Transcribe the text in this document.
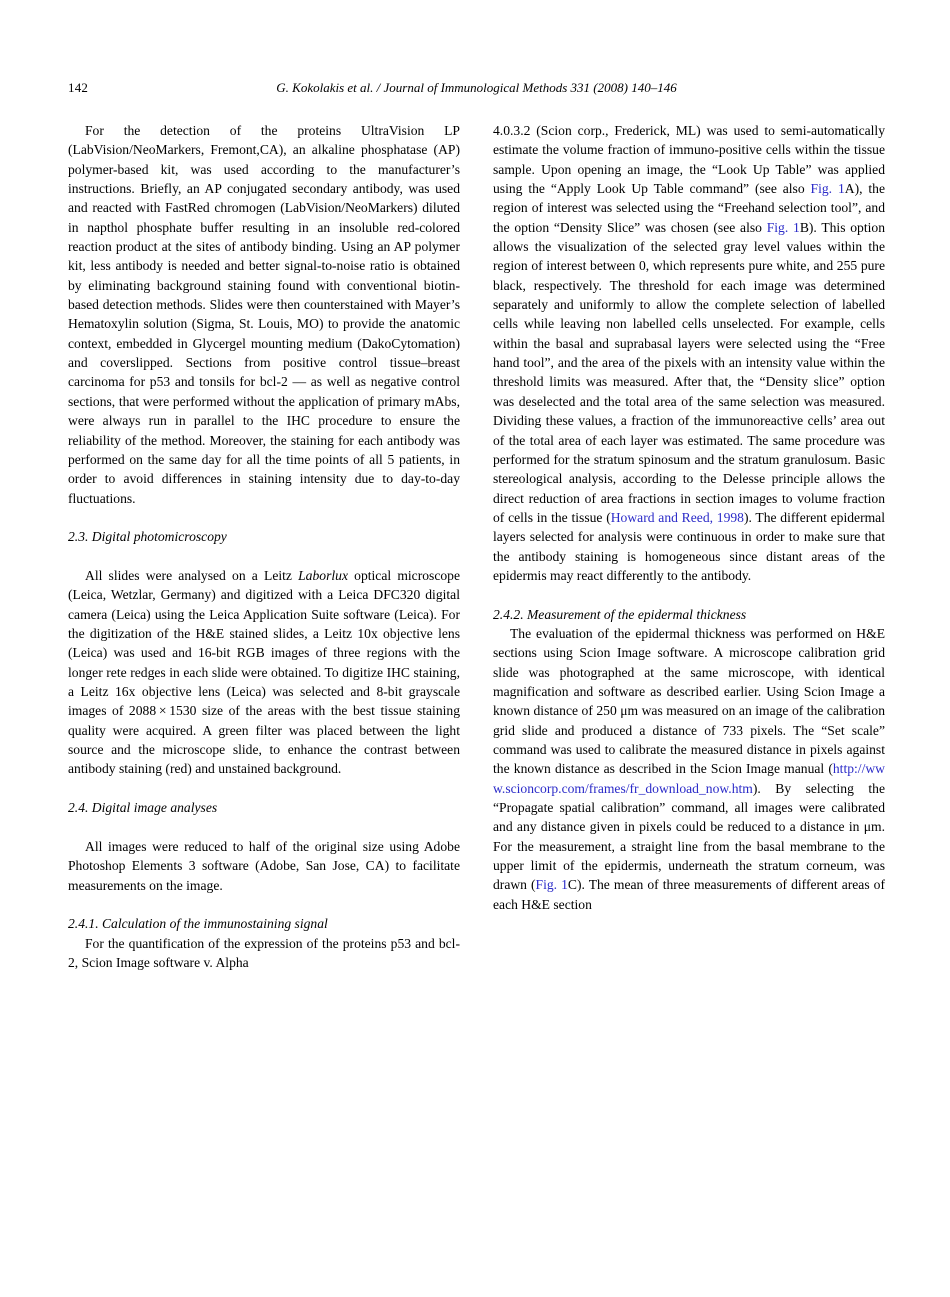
142	G. Kokolakis et al. / Journal of Immunological Methods 331 (2008) 140–146

For the detection of the proteins UltraVision LP (LabVision/NeoMarkers, Fremont,CA), an alkaline phosphatase (AP) polymer-based kit, was used according to the manufacturer’s instructions. Briefly, an AP conjugated secondary antibody, was used and reacted with FastRed chromogen (LabVision/NeoMarkers) diluted in napthol phosphate buffer resulting in an insoluble red-colored reaction product at the sites of antibody binding. Using an AP polymer kit, less antibody is needed and better signal-to-noise ratio is obtained by eliminating background staining found with conventional biotin-based detection methods. Slides were then counterstained with Mayer’s Hematoxylin solution (Sigma, St. Louis, MO) to provide the anatomic context, embedded in Glycergel mounting medium (DakoCytomation) and coverslipped. Sections from positive control tissue–breast carcinoma for p53 and tonsils for bcl-2 — as well as negative control sections, that were performed without the application of primary mAbs, were always run in parallel to the IHC procedure to ensure the reliability of the method. Moreover, the staining for each antibody was performed on the same day for all the time points of all 5 patients, in order to avoid differences in staining intensity due to day-to-day fluctuations.

2.3. Digital photomicroscopy

All slides were analysed on a Leitz Laborlux optical microscope (Leica, Wetzlar, Germany) and digitized with a Leica DFC320 digital camera (Leica) using the Leica Application Suite software (Leica). For the digitization of the H&E stained slides, a Leitz 10x objective lens (Leica) was used and 16-bit RGB images of three regions with the longer rete redges in each slide were obtained. To digitize IHC staining, a Leitz 16x objective lens (Leica) was selected and 8-bit grayscale images of 2088 × 1530 size of the areas with the best tissue staining quality were acquired. A green filter was placed between the light source and the microscope slide, to enhance the contrast between antibody staining (red) and unstained background.

2.4. Digital image analyses

All images were reduced to half of the original size using Adobe Photoshop Elements 3 software (Adobe, San Jose, CA) to facilitate measurements on the image.

2.4.1. Calculation of the immunostaining signal

For the quantification of the expression of the proteins p53 and bcl-2, Scion Image software v. Alpha

4.0.3.2 (Scion corp., Frederick, ML) was used to semi-automatically estimate the volume fraction of immuno-positive cells within the tissue sample. Upon opening an image, the “Look Up Table” was applied using the “Apply Look Up Table command” (see also Fig. 1A), the region of interest was selected using the “Freehand selection tool”, and the option “Density Slice” was chosen (see also Fig. 1B). This option allows the visualization of the selected gray level values within the region of interest between 0, which represents pure white, and 255 pure black, respectively. The threshold for each image was determined separately and uniformly to allow the complete selection of labelled cells while leaving non labelled cells unselected. For example, cells within the basal and suprabasal layers were selected using the “Free hand tool”, and the area of the pixels with an intensity value within the threshold limits was measured. After that, the “Density slice” option was deselected and the total area of the same selection was measured. Dividing these values, a fraction of the immunoreactive cells’ area out of the total area of each layer was estimated. The same procedure was performed for the stratum spinosum and the stratum granulosum. Basic stereological analysis, according to the Delesse principle allows the direct reduction of area fractions in section images to volume fraction of cells in the tissue (Howard and Reed, 1998). The different epidermal layers selected for analysis were continuous in order to make sure that the antibody staining is homogeneous since distant areas of the epidermis may react differently to the antibody.

2.4.2. Measurement of the epidermal thickness

The evaluation of the epidermal thickness was performed on H&E sections using Scion Image software. A microscope calibration grid slide was photographed at the same microscope, with identical magnification and software as described earlier. Using Scion Image a known distance of 250 μm was measured on an image of the calibration grid slide and produced a distance of 733 pixels. The “Set scale” command was used to calibrate the measured distance in pixels against the known distance as described in the Scion Image manual (http://www.scioncorp.com/frames/fr_download_now.htm). By selecting the “Propagate spatial calibration” command, all images were calibrated and any distance given in pixels could be reduced to a distance in μm. For the measurement, a straight line from the basal membrane to the upper limit of the epidermis, underneath the stratum corneum, was drawn (Fig. 1C). The mean of three measurements of different areas of each H&E section
